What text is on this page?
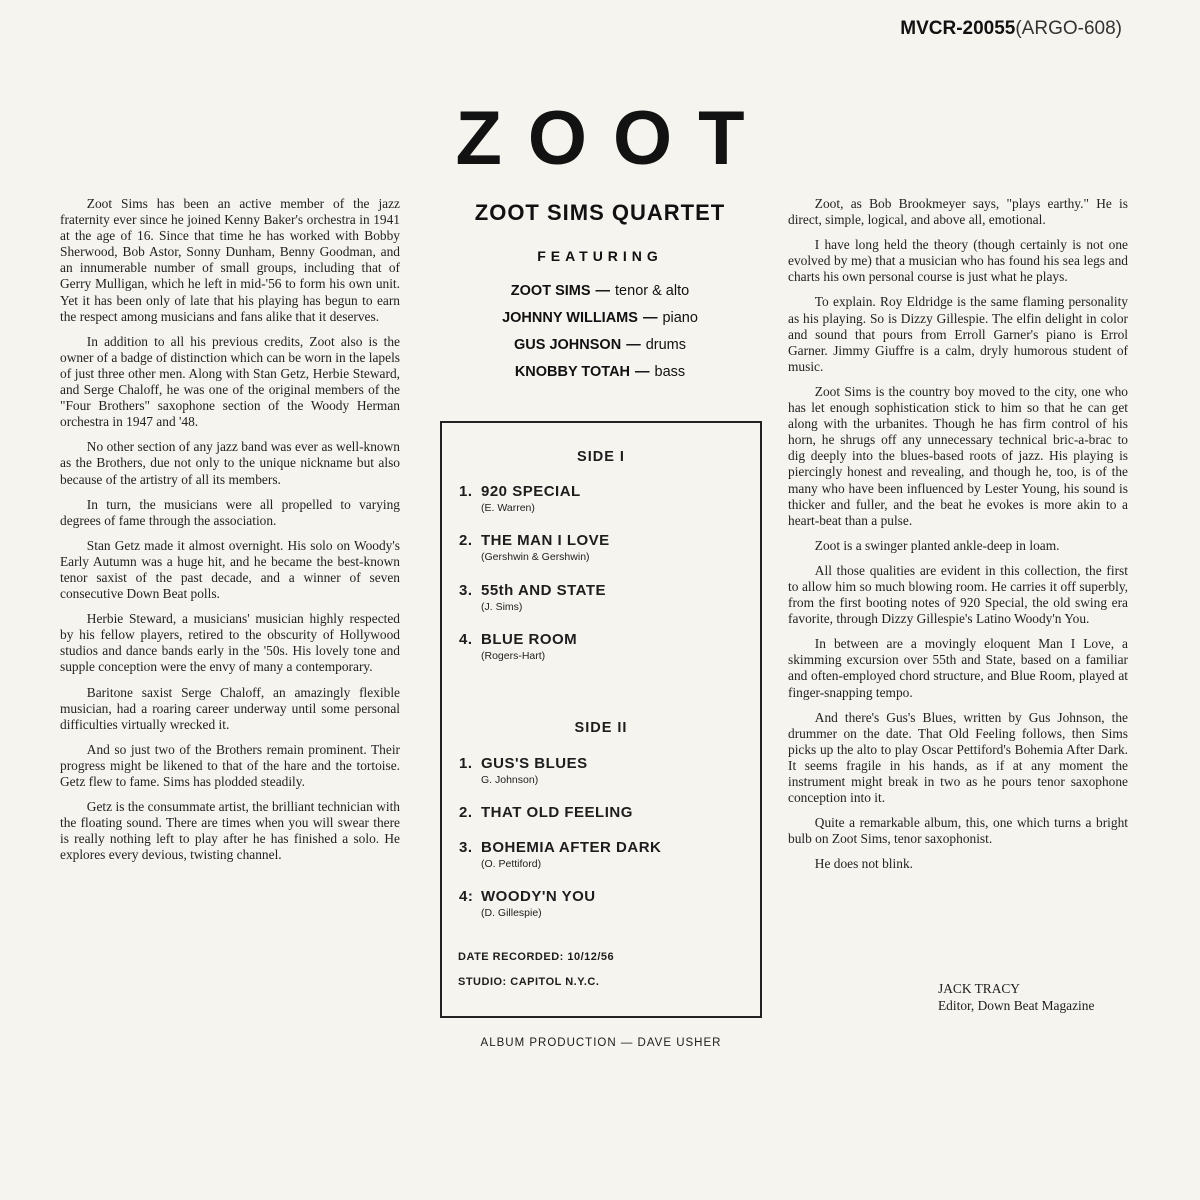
MVCR-20055(ARGO-608)
ZOOT

Zoot Sims has been an active member of the jazz fraternity ever since he joined Kenny Baker's orchestra in 1941 at the age of 16. Since that time he has worked with Bobby Sherwood, Bob Astor, Sonny Dunham, Benny Goodman, and an innumerable number of small groups, including that of Gerry Mulligan, which he left in mid-'56 to form his own unit. Yet it has been only of late that his playing has begun to earn the respect among musicians and fans alike that it deserves.

In addition to all his previous credits, Zoot also is the owner of a badge of distinction which can be worn in the lapels of just three other men. Along with Stan Getz, Herbie Steward, and Serge Chaloff, he was one of the original members of the "Four Brothers" saxophone section of the Woody Herman orchestra in 1947 and '48.

No other section of any jazz band was ever as well-known as the Brothers, due not only to the unique nickname but also because of the artistry of all its members.

In turn, the musicians were all propelled to varying degrees of fame through the association.

Stan Getz made it almost overnight. His solo on Woody's Early Autumn was a huge hit, and he became the best-known tenor saxist of the past decade, and a winner of seven consecutive Down Beat polls.

Herbie Steward, a musicians' musician highly respected by his fellow players, retired to the obscurity of Hollywood studios and dance bands early in the '50s. His lovely tone and supple conception were the envy of many a contemporary.

Baritone saxist Serge Chaloff, an amazingly flexible musician, had a roaring career underway until some personal difficulties virtually wrecked it.

And so just two of the Brothers remain prominent. Their progress might be likened to that of the hare and the tortoise. Getz flew to fame. Sims has plodded steadily.

Getz is the consummate artist, the brilliant technician with the floating sound. There are times when you will swear there is really nothing left to play after he has finished a solo. He explores every devious, twisting channel.

ZOOT SIMS QUARTET
FEATURING
ZOOT SIMS — tenor & alto
JOHNNY WILLIAMS — piano
GUS JOHNSON — drums
KNOBBY TOTAH — bass
SIDE I
1. 920 SPECIAL
(E. Warren)
2. THE MAN I LOVE
(Gershwin & Gershwin)
3. 55th AND STATE
(J. Sims)
4. BLUE ROOM
(Rogers-Hart)
SIDE II
1. GUS'S BLUES
G. Johnson)
2. THAT OLD FEELING
3. BOHEMIA AFTER DARK
(O. Pettiford)
4: WOODY'N YOU
(D. Gillespie)
DATE RECORDED: 10/12/56
STUDIO: CAPITOL N.Y.C.
ALBUM PRODUCTION — DAVE USHER

Zoot, as Bob Brookmeyer says, "plays earthy." He is direct, simple, logical, and above all, emotional.

I have long held the theory (though certainly is not one evolved by me) that a musician who has found his sea legs and charts his own personal course is just what he plays.

To explain. Roy Eldridge is the same flaming personality as his playing. So is Dizzy Gillespie. The elfin delight in color and sound that pours from Erroll Garner's piano is Errol Garner. Jimmy Giuffre is a calm, dryly humorous student of music.

Zoot Sims is the country boy moved to the city, one who has let enough sophistication stick to him so that he can get along with the urbanites. Though he has firm control of his horn, he shrugs off any unnecessary technical bric-a-brac to dig deeply into the blues-based roots of jazz. His playing is piercingly honest and revealing, and though he, too, is of the many who have been influenced by Lester Young, his sound is thicker and fuller, and the beat he evokes is more akin to a heart-beat than a pulse.

Zoot is a swinger planted ankle-deep in loam.

All those qualities are evident in this collection, the first to allow him so much blowing room. He carries it off superbly, from the first booting notes of 920 Special, the old swing era favorite, through Dizzy Gillespie's Latino Woody'n You.

In between are a movingly eloquent Man I Love, a skimming excursion over 55th and State, based on a familiar and often-employed chord structure, and Blue Room, played at finger-snapping tempo.

And there's Gus's Blues, written by Gus Johnson, the drummer on the date. That Old Feeling follows, then Sims picks up the alto to play Oscar Pettiford's Bohemia After Dark. It seems fragile in his hands, as if at any moment the instrument might break in two as he pours tenor saxophone conception into it.

Quite a remarkable album, this, one which turns a bright bulb on Zoot Sims, tenor saxophonist.

He does not blink.

JACK TRACY
Editor, Down Beat Magazine
